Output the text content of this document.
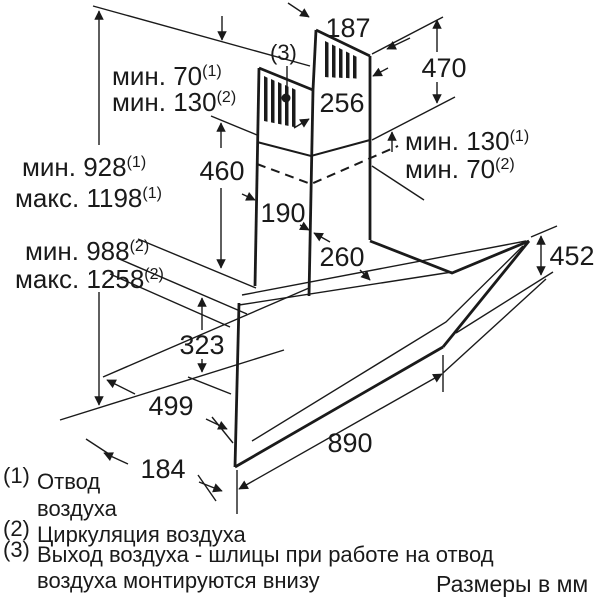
187
470
256
460
190
260
323
499
184
890
452
(3)
мин. 70$^{(1)}$
мин. 130$^{(2)}$
мин. 130$^{(1)}$
мин. 70$^{(2)}$
мин. 928$^{(1)}$
макс. 1198$^{(1)}$
мин. 988$^{(2)}$
макс. 1258$^{(2)}$
(1) Отвод
воздуха
(2) Циркуляция воздуха
(3) Выход воздуха - шлицы при работе на отвод
воздуха монтируются внизу	Размеры в мм
